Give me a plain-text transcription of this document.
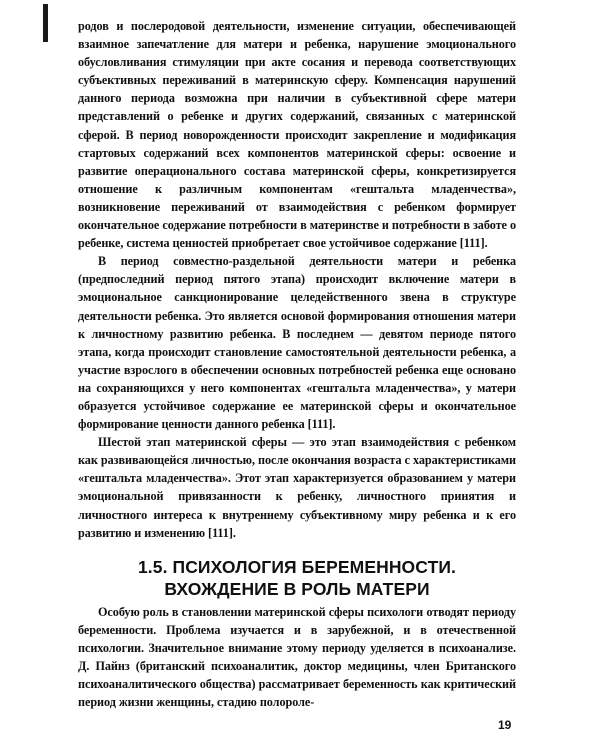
родов и послеродовой деятельности, изменение ситуации, обеспечивающей взаимное запечатление для матери и ребенка, нарушение эмоционального обусловливания стимуляции при акте сосания и перевода соответствующих субъективных переживаний в материнскую сферу. Компенсация нарушений данного периода возможна при наличии в субъективной сфере матери представлений о ребенке и других содержаний, связанных с материнской сферой. В период новорожденности происходит закрепление и модификация стартовых содержаний всех компонентов материнской сферы: освоение и развитие операционального состава материнской сферы, конкретизируется отношение к различным компонентам «гештальта младенчества», возникновение переживаний от взаимодействия с ребенком формирует окончательное содержание потребности в материнстве и потребности в заботе о ребенке, система ценностей приобретает свое устойчивое содержание [111].

В период совместно-раздельной деятельности матери и ребенка (предпоследний период пятого этапа) происходит включение матери в эмоциональное санкционирование целедейственного звена в структуре деятельности ребенка. Это является основой формирования отношения матери к личностному развитию ребенка. В последнем — девятом периоде пятого этапа, когда происходит становление самостоятельной деятельности ребенка, а участие взрослого в обеспечении основных потребностей ребенка еще основано на сохраняющихся у него компонентах «гештальта младенчества», у матери образуется устойчивое содержание ее материнской сферы и окончательное формирование ценности данного ребенка [111].

Шестой этап материнской сферы — это этап взаимодействия с ребенком как развивающейся личностью, после окончания возраста с характеристиками «гештальта младенчества». Этот этап характеризуется образованием у матери эмоциональной привязанности к ребенку, личностного принятия и личностного интереса к внутреннему субъективному миру ребенка и к его развитию и изменению [111].

1.5. ПСИХОЛОГИЯ БЕРЕМЕННОСТИ.
ВХОЖДЕНИЕ В РОЛЬ МАТЕРИ

Особую роль в становлении материнской сферы психологи отводят периоду беременности. Проблема изучается и в зарубежной, и в отечественной психологии. Значительное внимание этому периоду уделяется в психоанализе. Д. Пайнз (британский психоаналитик, доктор медицины, член Британского психоаналитического общества) рассматривает беременность как критический период жизни женщины, стадию полороле-

19
